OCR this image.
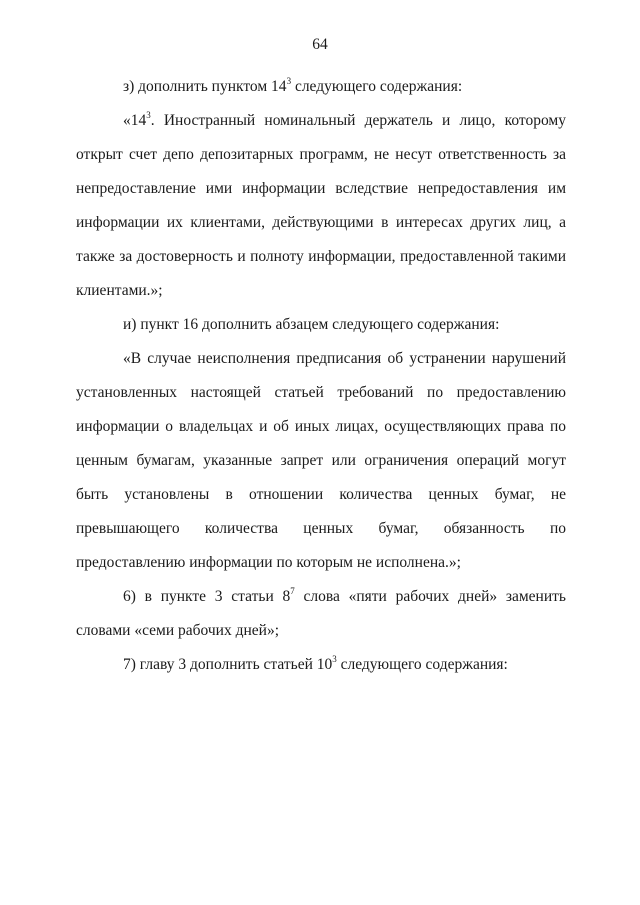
64

з) дополнить пунктом $14^3$ следующего содержания:

«$14^3$. Иностранный номинальный держатель и лицо, которому открыт счет депо депозитарных программ, не несут ответственность за непредоставление ими информации вследствие непредоставления им информации их клиентами, действующими в интересах других лиц, а также за достоверность и полноту информации, предоставленной такими клиентами.»;

и) пункт 16 дополнить абзацем следующего содержания:

«В случае неисполнения предписания об устранении нарушений установленных настоящей статьей требований по предоставлению информации о владельцах и об иных лицах, осуществляющих права по ценным бумагам, указанные запрет или ограничения операций могут быть установлены в отношении количества ценных бумаг, не превышающего количества ценных бумаг, обязанность по предоставлению информации по которым не исполнена.»;

6) в пункте 3 статьи $8^7$ слова «пяти рабочих дней» заменить словами «семи рабочих дней»;

7) главу 3 дополнить статьей $10^3$ следующего содержания:
